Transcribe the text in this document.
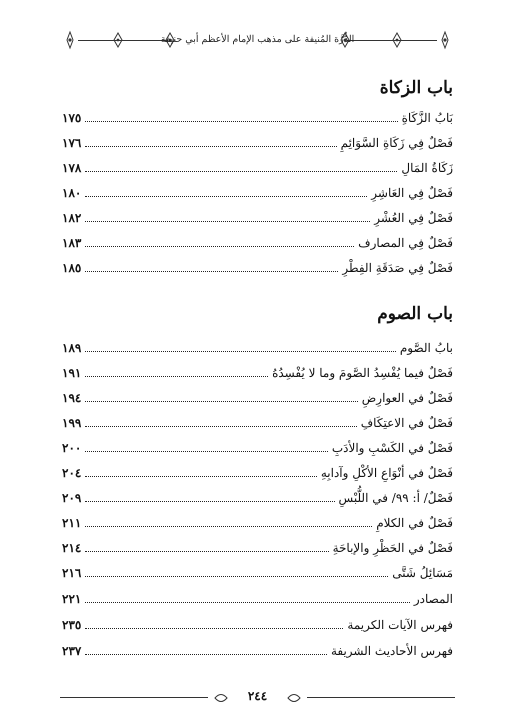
الدُّرَّة المُنيفة على مذهب الإمام الأعظم أبي حنيفة
باب الزكاة
بَابُ الزَّكَاةِ
١٧٥
فَصْلٌ فِي زَكَاةِ السَّوَائِمِ
١٧٦
زَكَاةُ المَالِ
١٧٨
فَصْلٌ فِي العَاشِرِ
١٨٠
فَصْلٌ فِي العُشْرِ
١٨٢
فَصْلٌ فِي المصارف
١٨٣
فَصْلٌ فِي صَدَقَةِ الفِطْرِ
١٨٥
باب الصوم
بابُ الصَّوم
١٨٩
فَصْلٌ فيما يُفْسِدُ الصَّومَ وما لا يُفْسِدُهُ
١٩١
فَصْلٌ في العوارِضِ
١٩٤
فَصْلٌ في الاعتِكَافِ
١٩٩
فَصْلٌ في الكَسْبِ والأدَبِ
٢٠٠
فَصْلٌ في أنْوَاعِ الأكْلِ وآدابِهِ
٢٠٤
فَصْلٌ/ أ: ٩٩/ في اللُّبْسِ
٢٠٩
فَصْلٌ في الكلامِ
٢١١
فَصْلٌ في الحَظْرِ والإباحَةِ
٢١٤
مَسَائِلُ شَتَّى
٢١٦
المصادر
٢٢١
فهرس الآيات الكريمة
٢٣٥
فهرس الأحاديث الشريفة
٢٣٧
٢٤٤
